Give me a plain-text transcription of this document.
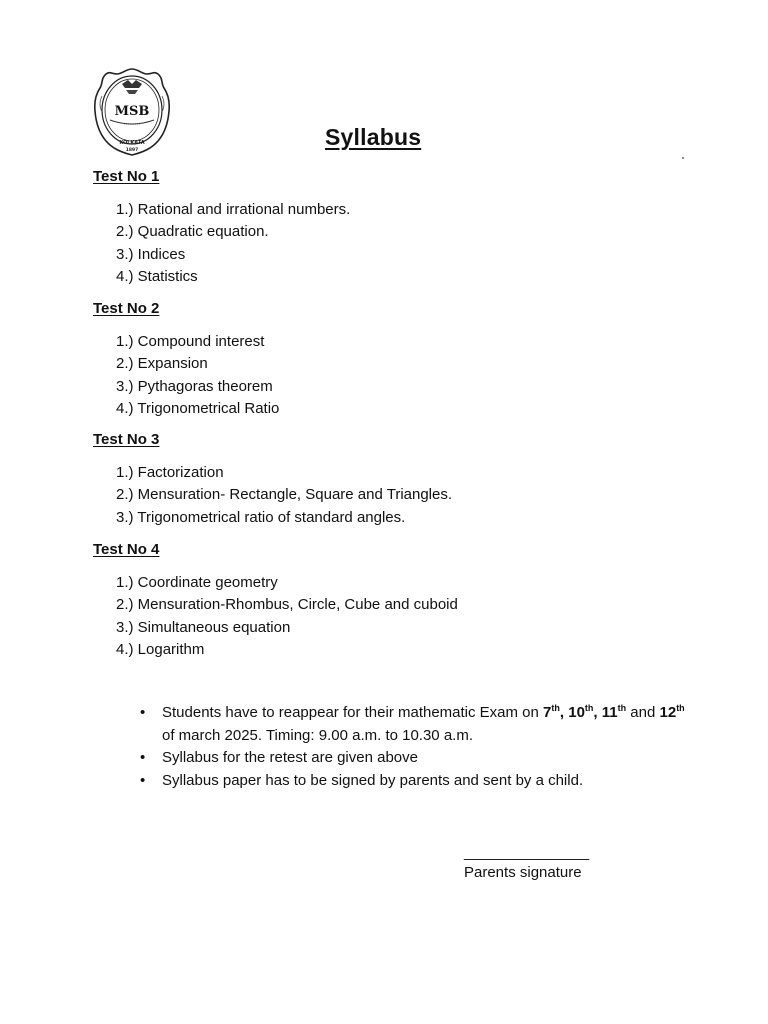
MSB
· · · · · · · ·
KOLKATA
1897
Syllabus

Test No 1

1.) Rational and irrational numbers.
2.) Quadratic equation.
3.) Indices
4.) Statistics

Test No 2

1.) Compound interest
2.) Expansion
3.) Pythagoras theorem
4.) Trigonometrical Ratio

Test No 3

1.) Factorization
2.) Mensuration- Rectangle, Square and Triangles.
3.) Trigonometrical ratio of standard angles.

Test No 4

1.) Coordinate geometry
2.) Mensuration-Rhombus, Circle, Cube and cuboid
3.) Simultaneous equation
4.) Logarithm
• Students have to reappear for their mathematic Exam on 7th, 10th, 11th and 12th of march 2025. Timing: 9.00 a.m. to 10.30 a.m.
• Syllabus for the retest are given above
• Syllabus paper has to be signed by parents and sent by a child.
_______________
Parents signature
